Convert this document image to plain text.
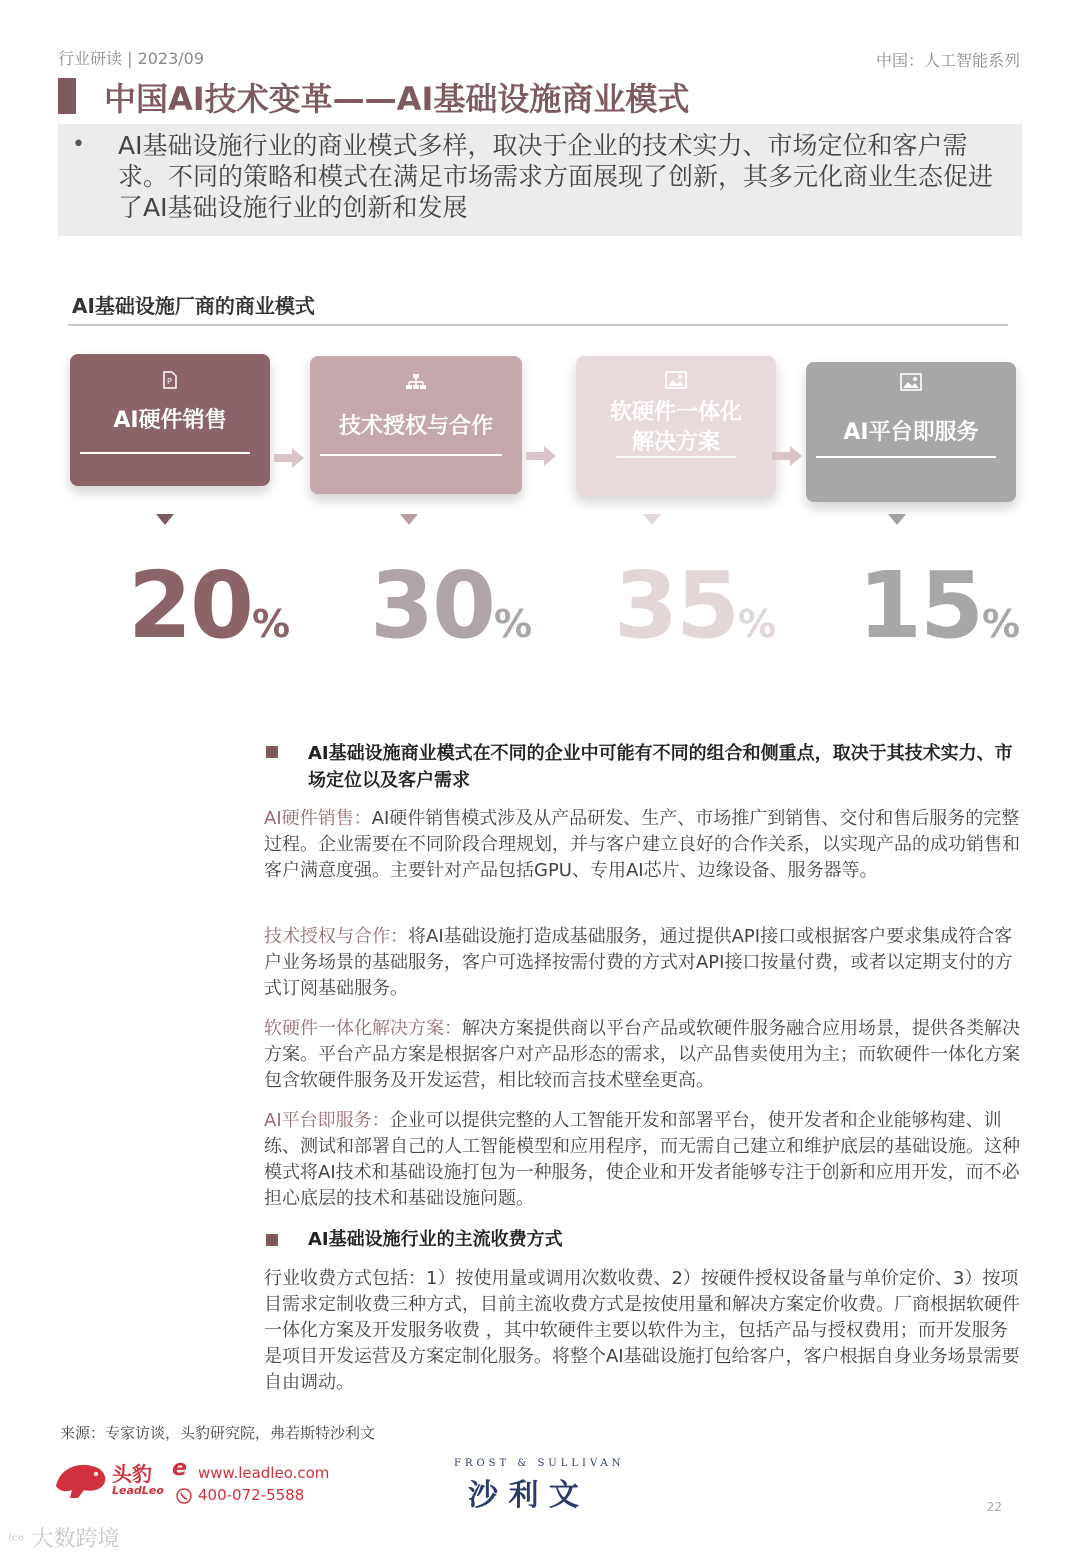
行业研读 | 2023/09	中国：人工智能系列
中国AI技术变革——AI基础设施商业模式
• AI基础设施行业的商业模式多样，取决于企业的技术实力、市场定位和客户需求。不同的策略和模式在满足市场需求方面展现了创新，其多元化商业生态促进了AI基础设施行业的创新和发展
AI基础设施厂商的商业模式
P
AI硬件销售	技术授权与合作
软硬件一体化
解决方案	AI平台即服务
20% 30% 35% 15%
AI基础设施商业模式在不同的企业中可能有不同的组合和侧重点，取决于其技术实力、市场定位以及客户需求
AI硬件销售：AI硬件销售模式涉及从产品研发、生产、市场推广到销售、交付和售后服务的完整过程。企业需要在不同阶段合理规划，并与客户建立良好的合作关系，以实现产品的成功销售和客户满意度强。主要针对产品包括GPU、专用AI芯片、边缘设备、服务器等。
技术授权与合作：将AI基础设施打造成基础服务，通过提供API接口或根据客户要求集成符合客户业务场景的基础服务，客户可选择按需付费的方式对API接口按量付费，或者以定期支付的方式订阅基础服务。
软硬件一体化解决方案：解决方案提供商以平台产品或软硬件服务融合应用场景，提供各类解决方案。平台产品方案是根据客户对产品形态的需求，以产品售卖使用为主；而软硬件一体化方案包含软硬件服务及开发运营，相比较而言技术壁垒更高。
AI平台即服务：企业可以提供完整的人工智能开发和部署平台，使开发者和企业能够构建、训练、测试和部署自己的人工智能模型和应用程序，而无需自己建立和维护底层的基础设施。这种模式将AI技术和基础设施打包为一种服务，使企业和开发者能够专注于创新和应用开发，而不必担心底层的技术和基础设施问题。
AI基础设施行业的主流收费方式
行业收费方式包括：1）按使用量或调用次数收费、2）按硬件授权设备量与单价定价、3）按项目需求定制收费三种方式，目前主流收费方式是按使用量和解决方案定价收费。厂商根据软硬件一体化方案及开发服务收费 ，其中软硬件主要以软件为主，包括产品与授权费用；而开发服务是项目开发运营及方案定制化服务。将整个AI基础设施打包给客户，客户根据自身业务场景需要自由调动。
来源：专家访谈，头豹研究院，弗若斯特沙利文
头豹
LeadLeo
e www.leadleo.com
400-072-5588
FROST & SULLIVAN
沙 利 文	22
⁽ᶜᵒ 大数跨境
